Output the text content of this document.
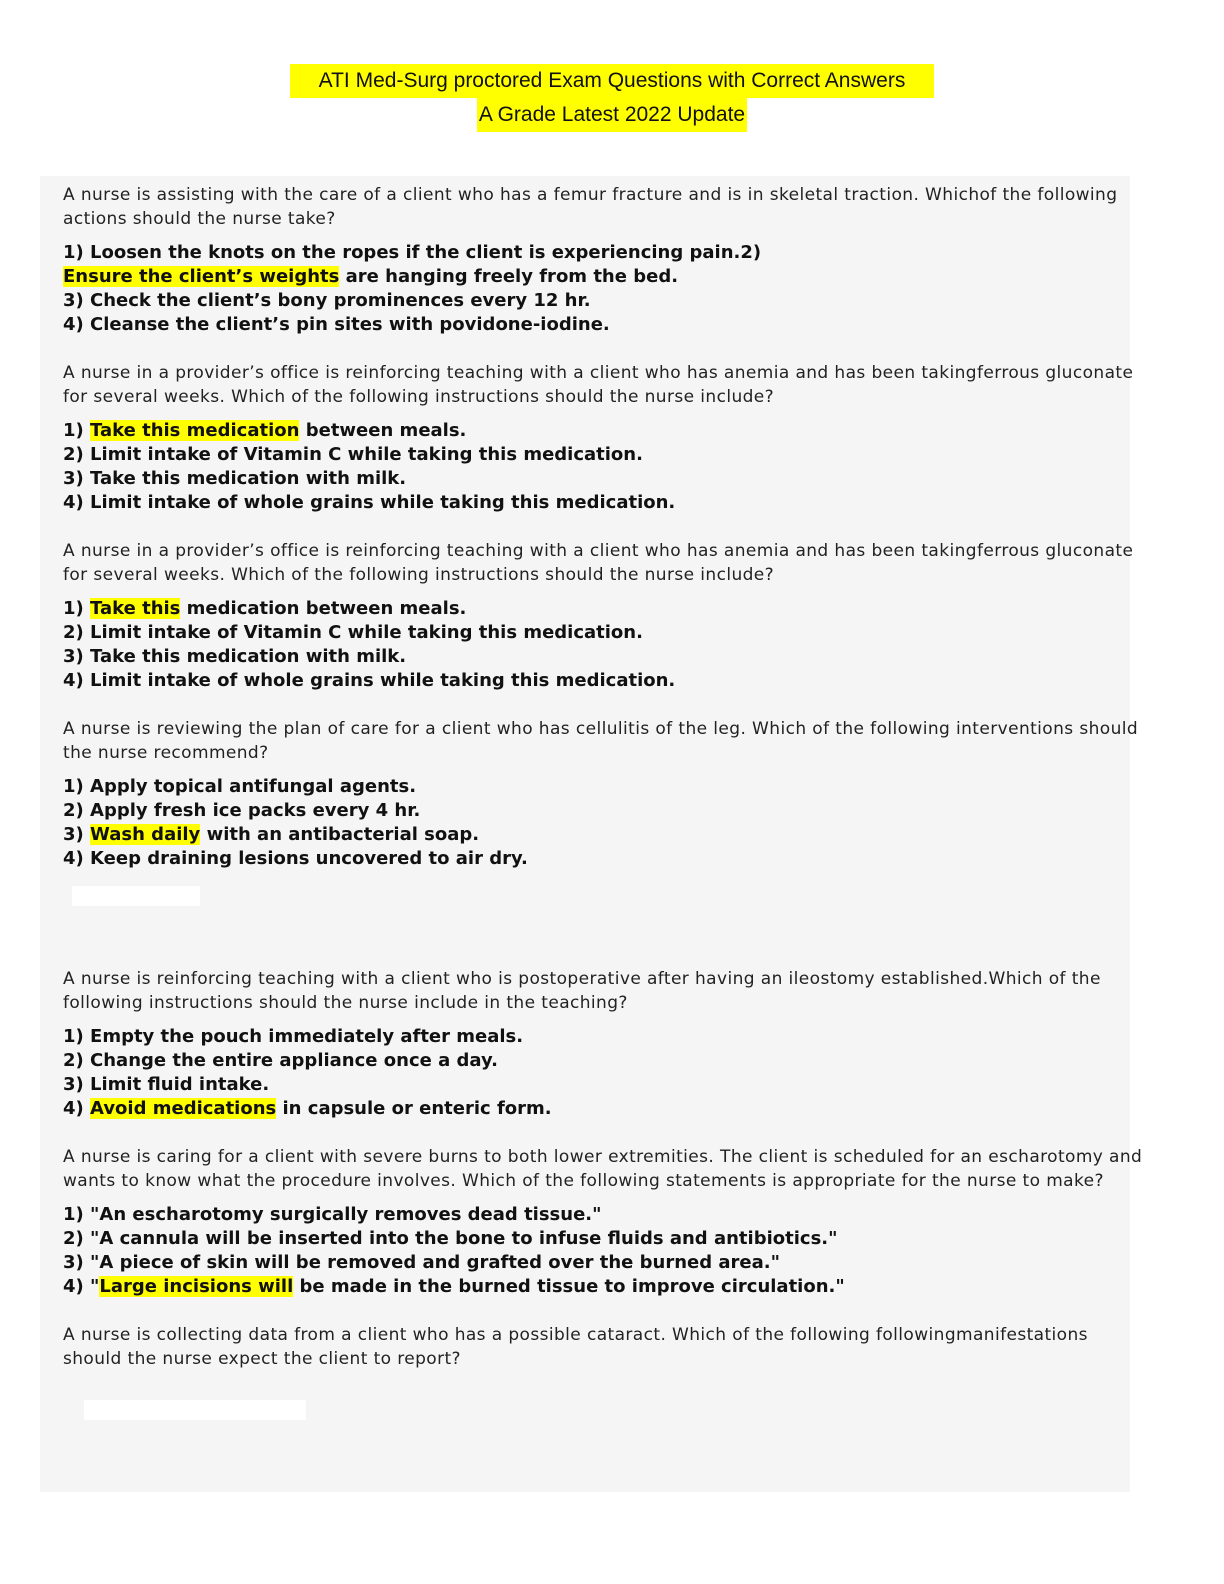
ATI Med-Surg proctored Exam Questions with Correct Answers
A Grade Latest 2022 Update
A nurse is assisting with the care of a client who has a femur fracture and is in skeletal traction. Whichof the following actions should the nurse take?
1) Loosen the knots on the ropes if the client is experiencing pain.2)
Ensure the client’s weights are hanging freely from the bed.
3) Check the client’s bony prominences every 12 hr.
4) Cleanse the client’s pin sites with povidone-iodine.
A nurse in a provider’s office is reinforcing teaching with a client who has anemia and has been takingferrous gluconate for several weeks. Which of the following instructions should the nurse include?
1) Take this medication between meals.
2) Limit intake of Vitamin C while taking this medication.
3) Take this medication with milk.
4) Limit intake of whole grains while taking this medication.
A nurse in a provider’s office is reinforcing teaching with a client who has anemia and has been takingferrous gluconate for several weeks. Which of the following instructions should the nurse include?
1) Take this medication between meals.
2) Limit intake of Vitamin C while taking this medication.
3) Take this medication with milk.
4) Limit intake of whole grains while taking this medication.
A nurse is reviewing the plan of care for a client who has cellulitis of the leg. Which of the following interventions should the nurse recommend?
1) Apply topical antifungal agents.
2) Apply fresh ice packs every 4 hr.
3) Wash daily with an antibacterial soap.
4) Keep draining lesions uncovered to air dry.
A nurse is reinforcing teaching with a client who is postoperative after having an ileostomy established.Which of the following instructions should the nurse include in the teaching?
1) Empty the pouch immediately after meals.
2) Change the entire appliance once a day.
3) Limit fluid intake.
4) Avoid medications in capsule or enteric form.
A nurse is caring for a client with severe burns to both lower extremities. The client is scheduled for an escharotomy and wants to know what the procedure involves. Which of the following statements is appropriate for the nurse to make?
1) "An escharotomy surgically removes dead tissue."
2) "A cannula will be inserted into the bone to infuse fluids and antibiotics."
3) "A piece of skin will be removed and grafted over the burned area."
4) "Large incisions will be made in the burned tissue to improve circulation."
A nurse is collecting data from a client who has a possible cataract. Which of the following followingmanifestations should the nurse expect the client to report?
